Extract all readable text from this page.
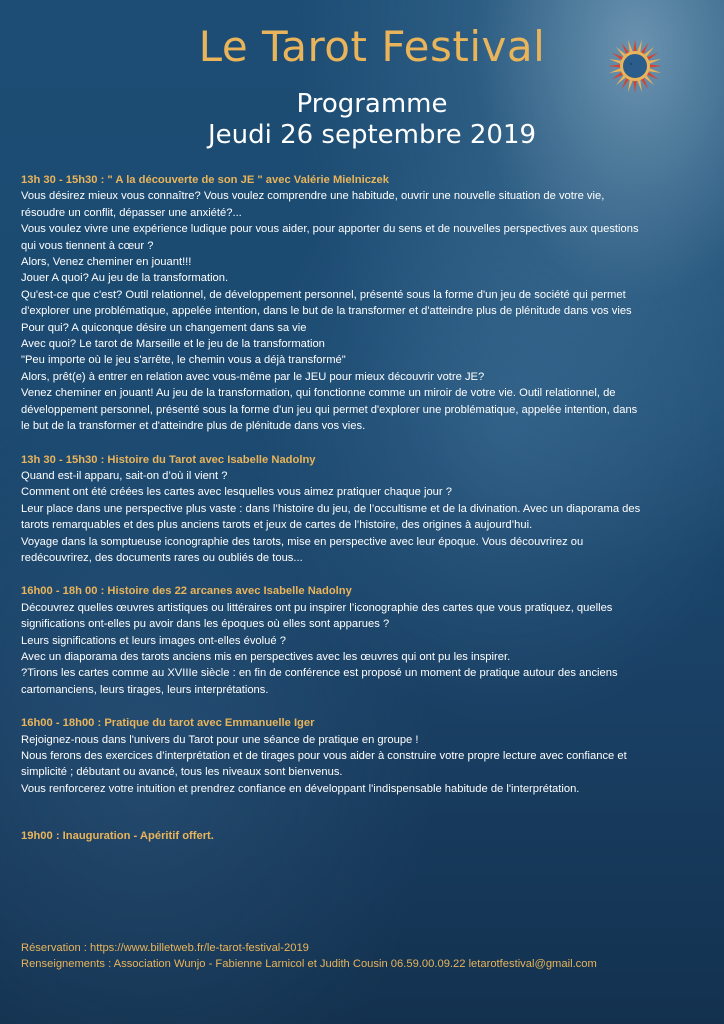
Le Tarot Festival
Programme
Jeudi 26 septembre 2019
13h 30 - 15h30 : " A la découverte de son JE " avec Valérie Mielniczek
Vous désirez mieux vous connaître? Vous voulez comprendre une habitude, ouvrir une nouvelle situation de votre vie,
résoudre un conflit, dépasser une anxiété?...
Vous voulez vivre une expérience ludique pour vous aider, pour apporter du sens et de nouvelles perspectives aux questions
qui vous tiennent à cœur ?
Alors, Venez cheminer en jouant!!!
Jouer A quoi? Au jeu de la transformation.
Qu'est-ce que c'est? Outil relationnel, de développement personnel, présenté sous la forme d'un jeu de société qui permet
d'explorer une problématique, appelée intention, dans le but de la transformer et d'atteindre plus de plénitude dans vos vies
Pour qui? A quiconque désire un changement dans sa vie
Avec quoi? Le tarot de Marseille et le jeu de la transformation
"Peu importe où le jeu s'arrête, le chemin vous a déjà transformé"
Alors, prêt(e) à entrer en relation avec vous-même par le JEU pour mieux découvrir votre JE?
Venez cheminer en jouant! Au jeu de la transformation, qui fonctionne comme un miroir de votre vie. Outil relationnel, de
développement personnel, présenté sous la forme d'un jeu qui permet d'explorer une problématique, appelée intention, dans
le but de la transformer et d'atteindre plus de plénitude dans vos vies.
13h 30 - 15h30 : Histoire du Tarot avec Isabelle Nadolny
Quand est-il apparu, sait-on d’où il vient ?
Comment ont été créées les cartes avec lesquelles vous aimez pratiquer chaque jour ?
Leur place dans une perspective plus vaste : dans l’histoire du jeu, de l’occultisme et de la divination. Avec un diaporama des
tarots remarquables et des plus anciens tarots et jeux de cartes de l’histoire, des origines à aujourd’hui.
Voyage dans la somptueuse iconographie des tarots, mise en perspective avec leur époque. Vous découvrirez ou
redécouvrirez, des documents rares ou oubliés de tous...
16h00 - 18h 00 : Histoire des 22 arcanes avec Isabelle Nadolny
Découvrez quelles œuvres artistiques ou littéraires ont pu inspirer l’iconographie des cartes que vous pratiquez, quelles
significations ont-elles pu avoir dans les époques où elles sont apparues ?
Leurs significations et leurs images ont-elles évolué ?
Avec un diaporama des tarots anciens mis en perspectives avec les œuvres qui ont pu les inspirer.
?Tirons les cartes comme au XVIIIe siècle : en fin de conférence est proposé un moment de pratique autour des anciens
cartomanciens, leurs tirages, leurs interprétations.
16h00 - 18h00 : Pratique du tarot avec Emmanuelle Iger
Rejoignez-nous dans l'univers du Tarot pour une séance de pratique en groupe !
Nous ferons des exercices d’interprétation et de tirages pour vous aider à construire votre propre lecture avec confiance et
simplicité ; débutant ou avancé, tous les niveaux sont bienvenus.
Vous renforcerez votre intuition et prendrez confiance en développant l'indispensable habitude de l'interprétation.
19h00 : Inauguration - Apéritif offert.
Réservation : https://www.billetweb.fr/le-tarot-festival-2019
Renseignements : Association Wunjo - Fabienne Larnicol et Judith Cousin 06.59.00.09.22 letarotfestival@gmail.com
